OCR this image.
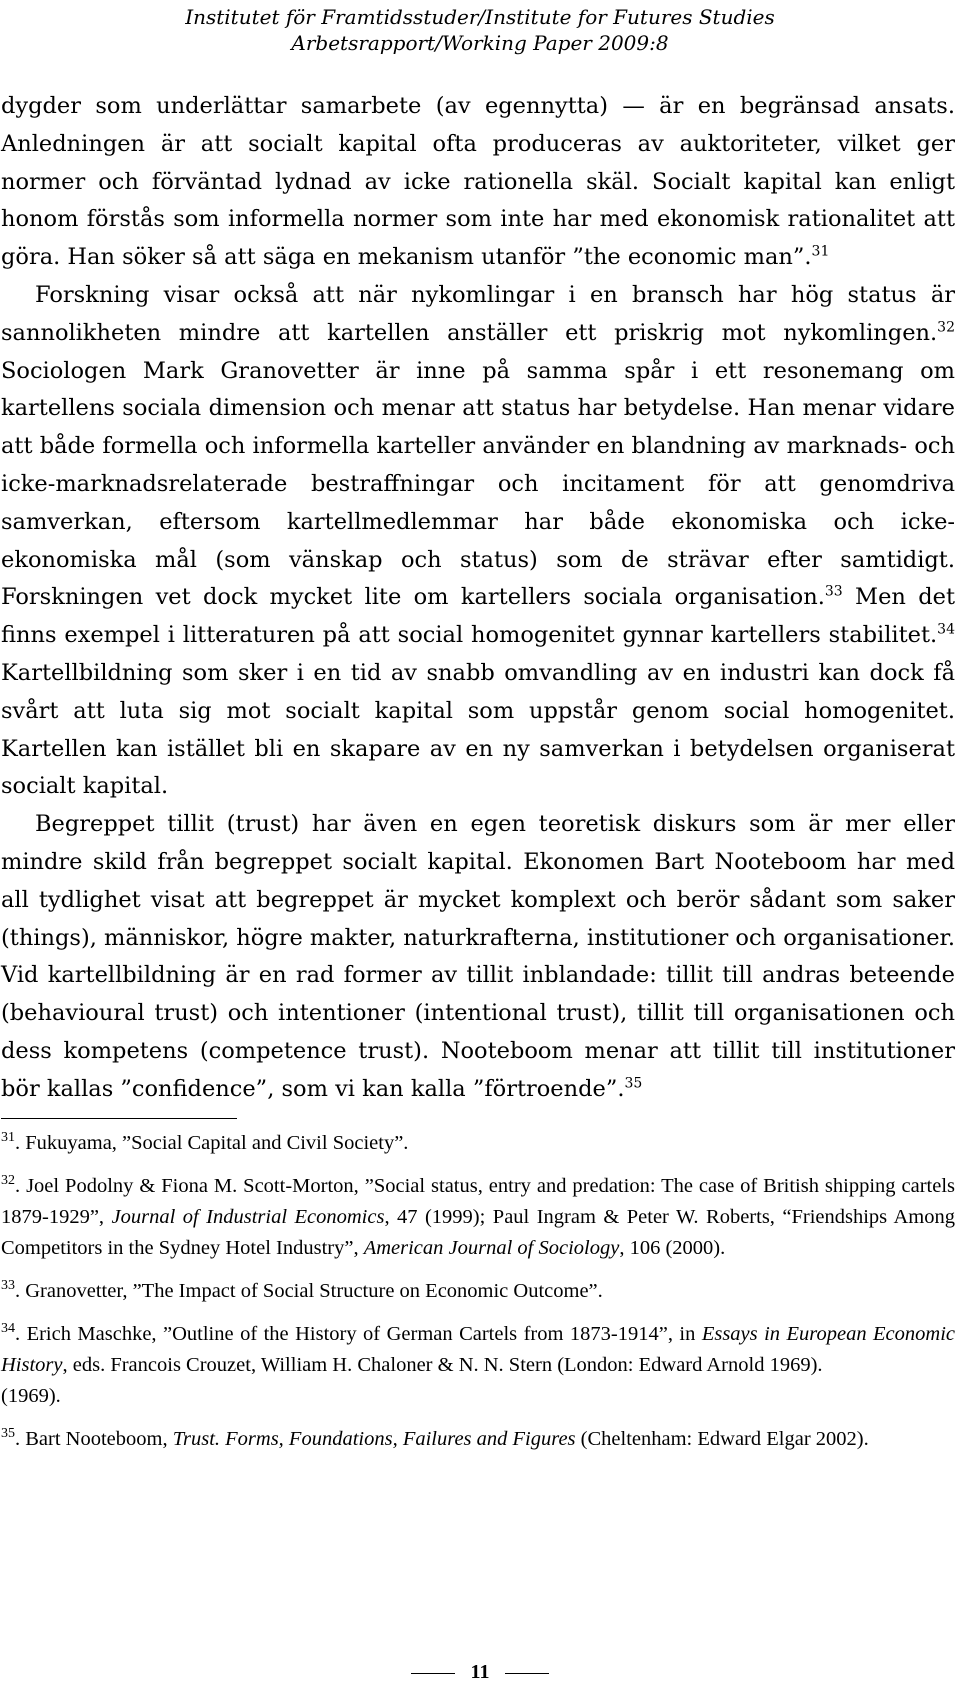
Institutet för Framtidsstuder/Institute for Futures Studies
Arbetsrapport/Working Paper 2009:8

dygder som underlättar samarbete (av egennytta) — är en begränsad ansats. Anledningen är att socialt kapital ofta produceras av auktoriteter, vilket ger normer och förväntad lydnad av icke rationella skäl. Socialt kapital kan enligt honom förstås som informella normer som inte har med ekonomisk rationalitet att göra. Han söker så att säga en mekanism utanför ”the economic man”.$^{31}$

Forskning visar också att när nykomlingar i en bransch har hög status är sannolikheten mindre att kartellen anställer ett priskrig mot nykomlingen.$^{32}$ Sociologen Mark Granovetter är inne på samma spår i ett resonemang om kartellens sociala dimension och menar att status har betydelse. Han menar vidare att både formella och informella karteller använder en blandning av marknads- och icke-marknadsrelaterade bestraffningar och incitament för att genomdriva samverkan, eftersom kartellmedlemmar har både ekonomiska och icke-ekonomiska mål (som vänskap och status) som de strävar efter samtidigt. Forskningen vet dock mycket lite om kartellers sociala organisation.$^{33}$ Men det finns exempel i litteraturen på att social homogenitet gynnar kartellers stabilitet.$^{34}$ Kartellbildning som sker i en tid av snabb omvandling av en industri kan dock få svårt att luta sig mot socialt kapital som uppstår genom social homogenitet. Kartellen kan istället bli en skapare av en ny samverkan i betydelsen organiserat socialt kapital.

Begreppet tillit (trust) har även en egen teoretisk diskurs som är mer eller mindre skild från begreppet socialt kapital. Ekonomen Bart Nooteboom har med all tydlighet visat att begreppet är mycket komplext och berör sådant som saker (things), människor, högre makter, naturkrafterna, institutioner och organisationer. Vid kartellbildning är en rad former av tillit inblandade: tillit till andras beteende (behavioural trust) och intentioner (intentional trust), tillit till organisationen och dess kompetens (competence trust). Nooteboom menar att tillit till institutioner bör kallas ”confidence”, som vi kan kalla ”förtroende”.$^{35}$

$^{31}$. Fukuyama, ”Social Capital and Civil Society”.

$^{32}$. Joel Podolny & Fiona M. Scott-Morton, ”Social status, entry and predation: The case of British shipping cartels 1879-1929”, Journal of Industrial Economics, 47 (1999); Paul Ingram & Peter W. Roberts, “Friendships Among Competitors in the Sydney Hotel Industry”, American Journal of Sociology, 106 (2000).

$^{33}$. Granovetter, ”The Impact of Social Structure on Economic Outcome”.

$^{34}$. Erich Maschke, ”Outline of the History of German Cartels from 1873-1914”, in Essays in European Economic History, eds. Francois Crouzet, William H. Chaloner & N. N. Stern (London: Edward Arnold 1969).

(1969).

$^{35}$. Bart Nooteboom, Trust. Forms, Foundations, Failures and Figures (Cheltenham: Edward Elgar 2002).

11
